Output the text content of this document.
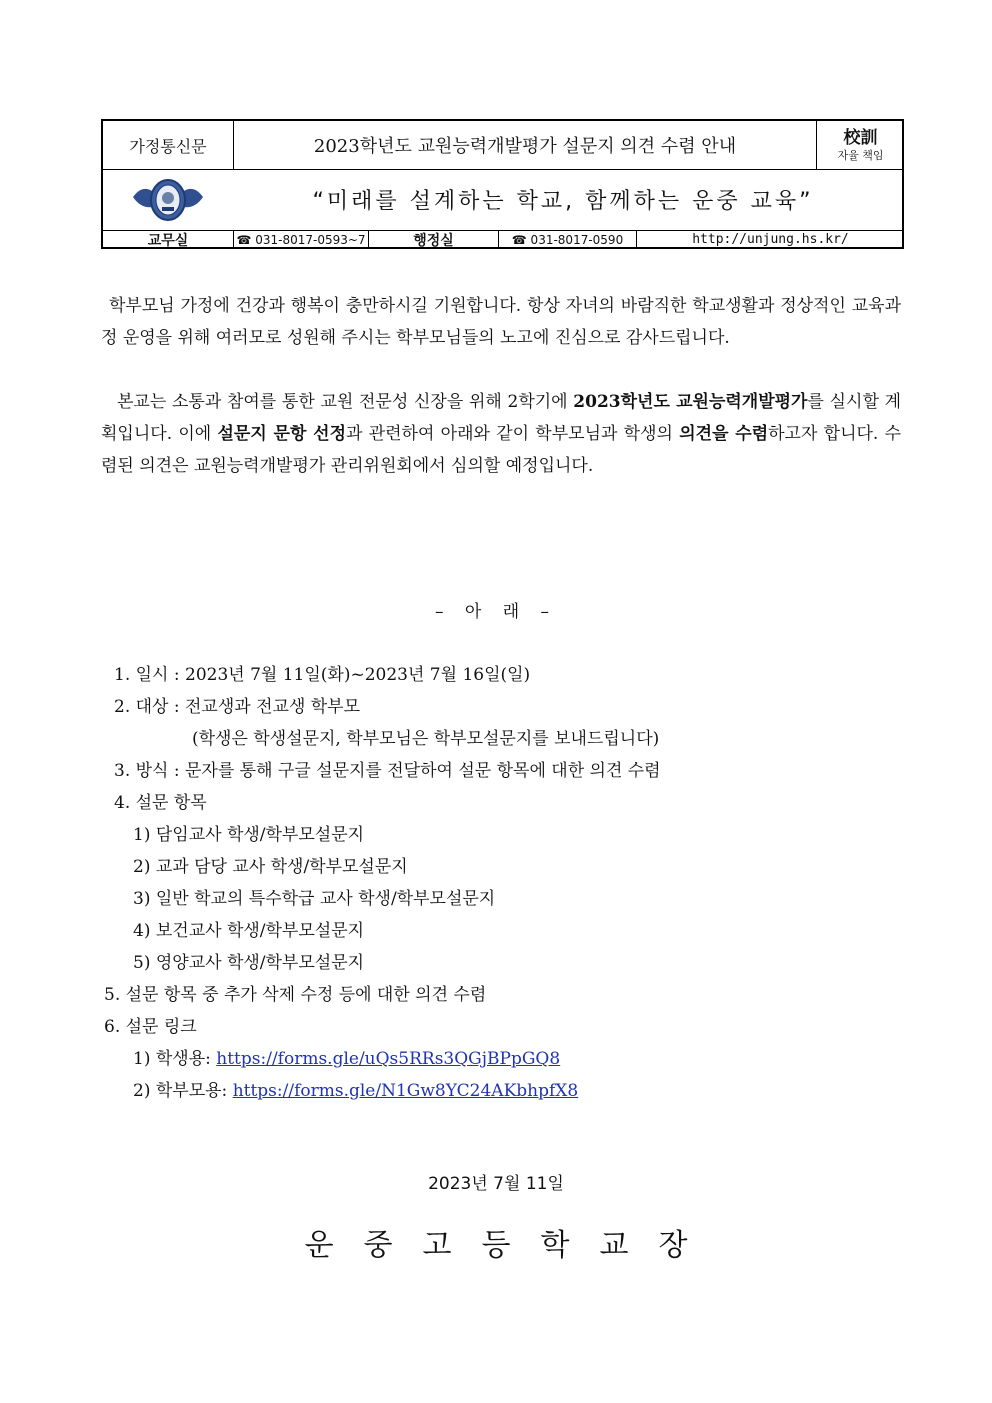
가정통신문	2023학년도 교원능력개발평가 설문지 의견 수렴 안내	校訓
자율 책임
“미래를 설계하는 학교, 함께하는 운중 교육”
교무실	☎ 031-8017-0593~7	행정실	☎ 031-8017-0590	http://unjung.hs.kr/

학부모님 가정에 건강과 행복이 충만하시길 기원합니다. 항상 자녀의 바람직한 학교생활과 정상적인 교육과정 운영을 위해 여러모로 성원해 주시는 학부모님들의 노고에 진심으로 감사드립니다.

본교는 소통과 참여를 통한 교원 전문성 신장을 위해 2학기에 2023학년도 교원능력개발평가를 실시할 계획입니다. 이에 설문지 문항 선정과 관련하여 아래와 같이 학부모님과 학생의 의견을 수렴하고자 합니다. 수렴된 의견은 교원능력개발평가 관리위원회에서 심의할 예정입니다.

– 아 래 –

1. 일시 : 2023년 7월 11일(화)~2023년 7월 16일(일)

2. 대상 : 전교생과 전교생 학부모

(학생은 학생설문지, 학부모님은 학부모설문지를 보내드립니다)

3. 방식 : 문자를 통해 구글 설문지를 전달하여 설문 항목에 대한 의견 수렴

4. 설문 항목

1) 담임교사 학생/학부모설문지

2) 교과 담당 교사 학생/학부모설문지

3) 일반 학교의 특수학급 교사 학생/학부모설문지

4) 보건교사 학생/학부모설문지

5) 영양교사 학생/학부모설문지

5. 설문 항목 중 추가 삭제 수정 등에 대한 의견 수렴

6. 설문 링크

1) 학생용: https://forms.gle/uQs5RRs3QGjBPpGQ8

2) 학부모용: https://forms.gle/N1Gw8YC24AKbhpfX8

2023년 7월 11일
운중고등학교장
